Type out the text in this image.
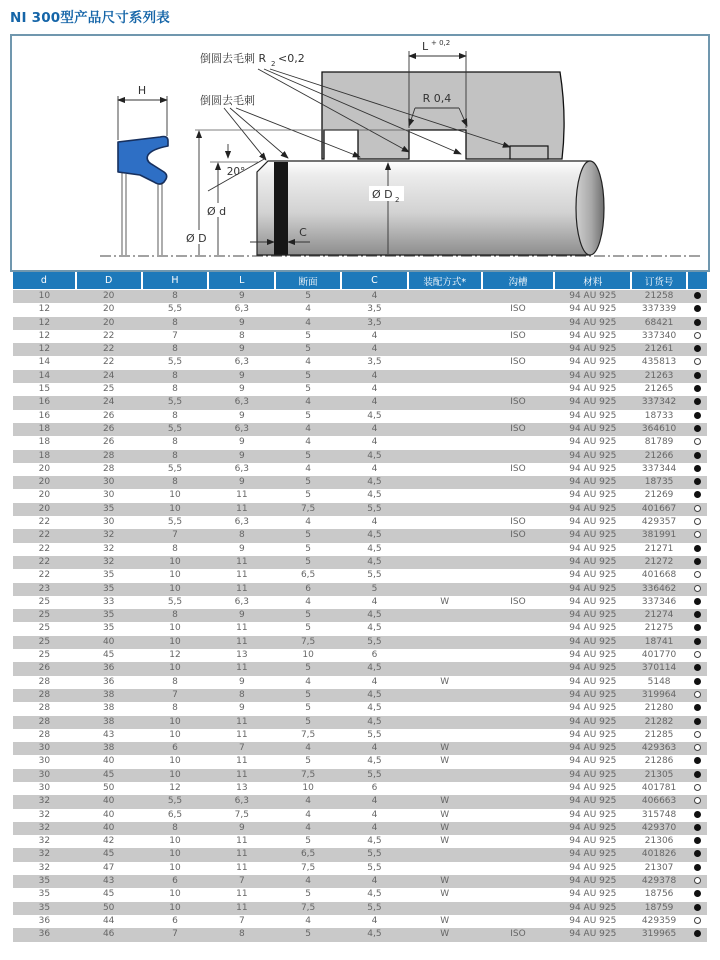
NI 300型产品尺寸系列表
H
L + 0,2
R 0,4
倒圆去毛刺 R 2 <0,2
倒圆去毛刺
20°
Ø D
Ø d
Ø D 2
C
d	D	H	L	断面	C	装配方式*	沟槽	材料	订货号	
10	20	8	9	5	4			94 AU 925	21258	
12	20	5,5	6,3	4	3,5		ISO	94 AU 925	337339	
12	20	8	9	4	3,5			94 AU 925	68421	
12	22	7	8	5	4		ISO	94 AU 925	337340	
12	22	8	9	5	4			94 AU 925	21261	
14	22	5,5	6,3	4	3,5		ISO	94 AU 925	435813	
14	24	8	9	5	4			94 AU 925	21263	
15	25	8	9	5	4			94 AU 925	21265	
16	24	5,5	6,3	4	4		ISO	94 AU 925	337342	
16	26	8	9	5	4,5			94 AU 925	18733	
18	26	5,5	6,3	4	4		ISO	94 AU 925	364610	
18	26	8	9	4	4			94 AU 925	81789	
18	28	8	9	5	4,5			94 AU 925	21266	
20	28	5,5	6,3	4	4		ISO	94 AU 925	337344	
20	30	8	9	5	4,5			94 AU 925	18735	
20	30	10	11	5	4,5			94 AU 925	21269	
20	35	10	11	7,5	5,5			94 AU 925	401667	
22	30	5,5	6,3	4	4		ISO	94 AU 925	429357	
22	32	7	8	5	4,5		ISO	94 AU 925	381991	
22	32	8	9	5	4,5			94 AU 925	21271	
22	32	10	11	5	4,5			94 AU 925	21272	
22	35	10	11	6,5	5,5			94 AU 925	401668	
23	35	10	11	6	5			94 AU 925	336462	
25	33	5,5	6,3	4	4	W	ISO	94 AU 925	337346	
25	35	8	9	5	4,5			94 AU 925	21274	
25	35	10	11	5	4,5			94 AU 925	21275	
25	40	10	11	7,5	5,5			94 AU 925	18741	
25	45	12	13	10	6			94 AU 925	401770	
26	36	10	11	5	4,5			94 AU 925	370114	
28	36	8	9	4	4	W		94 AU 925	5148	
28	38	7	8	5	4,5			94 AU 925	319964	
28	38	8	9	5	4,5			94 AU 925	21280	
28	38	10	11	5	4,5			94 AU 925	21282	
28	43	10	11	7,5	5,5			94 AU 925	21285	
30	38	6	7	4	4	W		94 AU 925	429363	
30	40	10	11	5	4,5	W		94 AU 925	21286	
30	45	10	11	7,5	5,5			94 AU 925	21305	
30	50	12	13	10	6			94 AU 925	401781	
32	40	5,5	6,3	4	4	W		94 AU 925	406663	
32	40	6,5	7,5	4	4	W		94 AU 925	315748	
32	40	8	9	4	4	W		94 AU 925	429370	
32	42	10	11	5	4,5	W		94 AU 925	21306	
32	45	10	11	6,5	5,5			94 AU 925	401826	
32	47	10	11	7,5	5,5			94 AU 925	21307	
35	43	6	7	4	4	W		94 AU 925	429378	
35	45	10	11	5	4,5	W		94 AU 925	18756	
35	50	10	11	7,5	5,5			94 AU 925	18759	
36	44	6	7	4	4	W		94 AU 925	429359	
36	46	7	8	5	4,5	W	ISO	94 AU 925	319965	
